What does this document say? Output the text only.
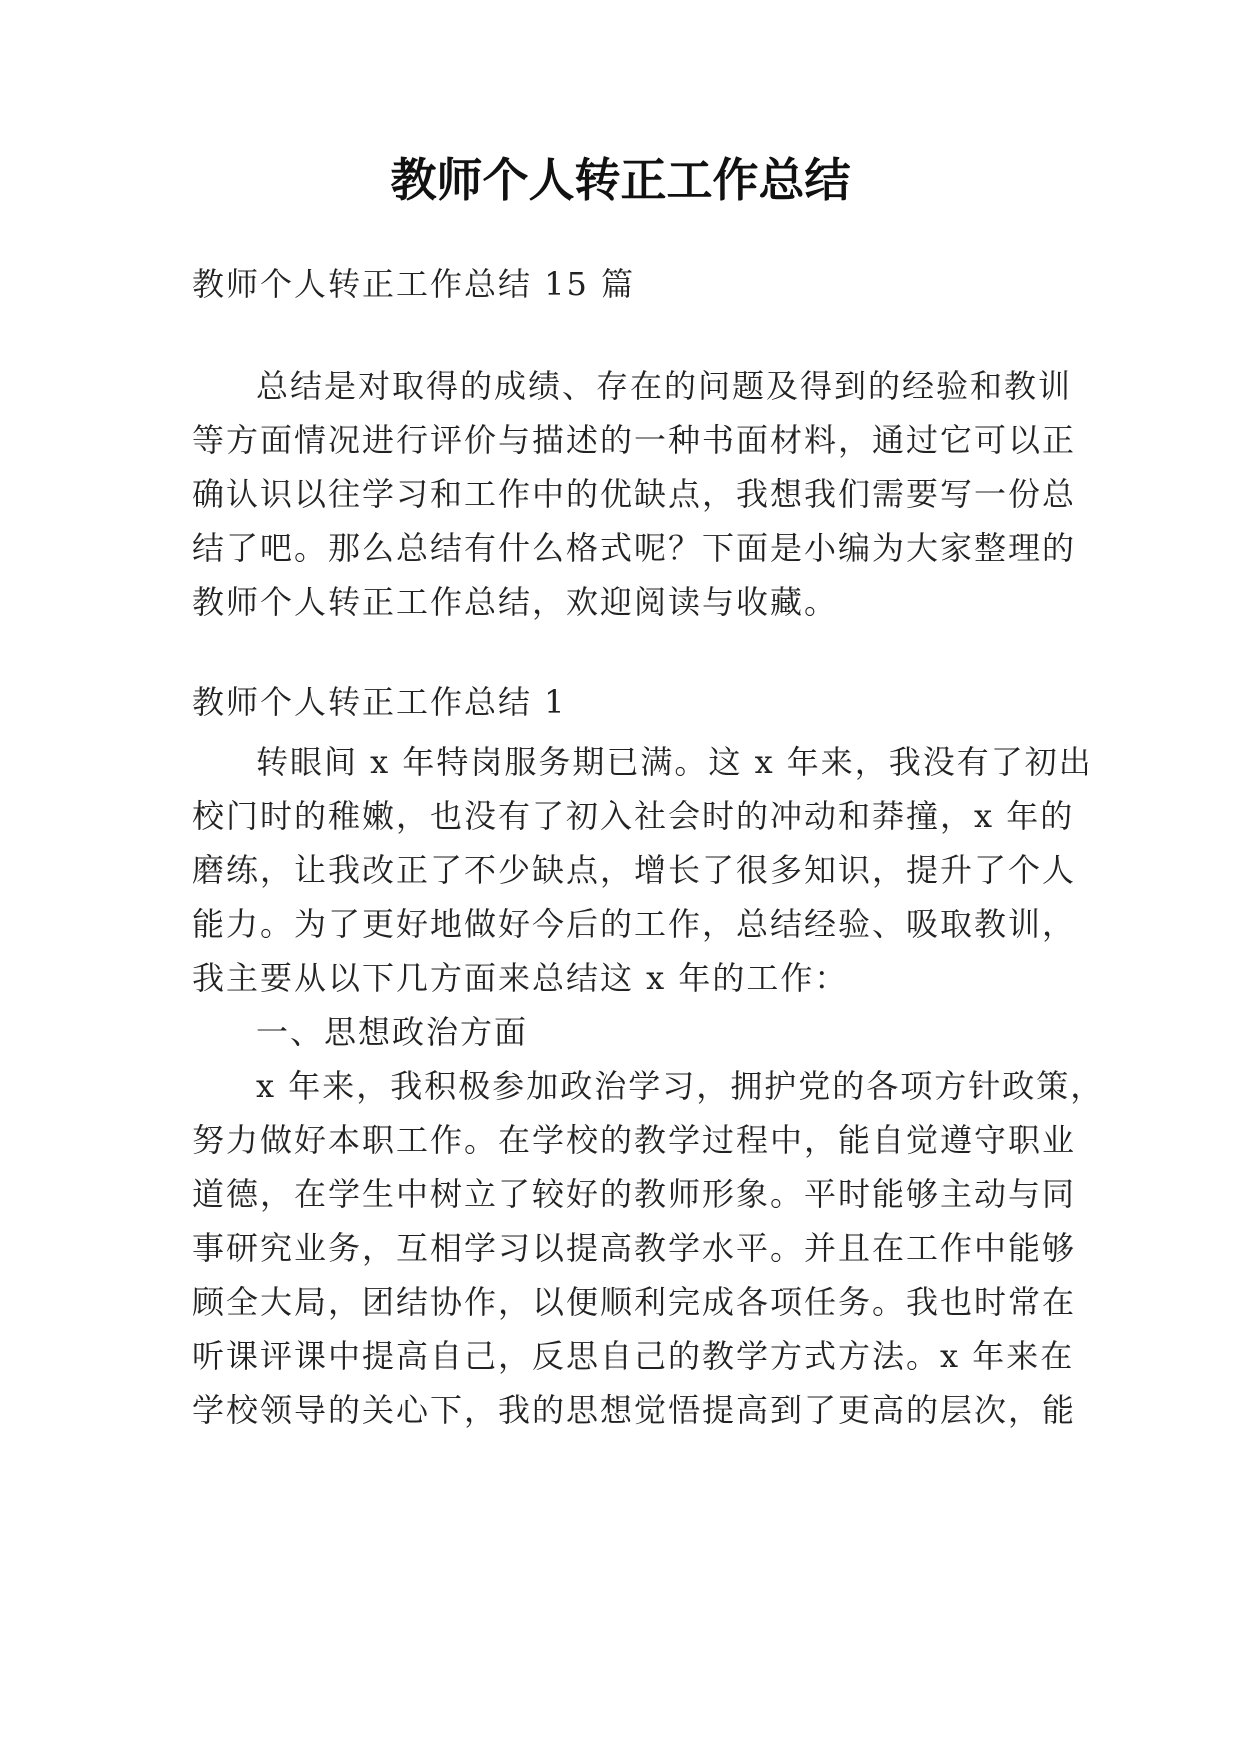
教师个人转正工作总结

教师个人转正工作总结 15 篇

总结是对取得的成绩、存在的问题及得到的经验和教训

等方面情况进行评价与描述的一种书面材料，通过它可以正

确认识以往学习和工作中的优缺点，我想我们需要写一份总

结了吧。那么总结有什么格式呢？下面是小编为大家整理的

教师个人转正工作总结，欢迎阅读与收藏。

教师个人转正工作总结 1

转眼间 x 年特岗服务期已满。这 x 年来，我没有了初出

校门时的稚嫩，也没有了初入社会时的冲动和莽撞，x 年的

磨练，让我改正了不少缺点，增长了很多知识，提升了个人

能力。为了更好地做好今后的工作，总结经验、吸取教训，

我主要从以下几方面来总结这 x 年的工作：

一、思想政治方面

x 年来，我积极参加政治学习，拥护党的各项方针政策，

努力做好本职工作。在学校的教学过程中，能自觉遵守职业

道德，在学生中树立了较好的教师形象。平时能够主动与同

事研究业务，互相学习以提高教学水平。并且在工作中能够

顾全大局，团结协作，以便顺利完成各项任务。我也时常在

听课评课中提高自己，反思自己的教学方式方法。x 年来在

学校领导的关心下，我的思想觉悟提高到了更高的层次，能
